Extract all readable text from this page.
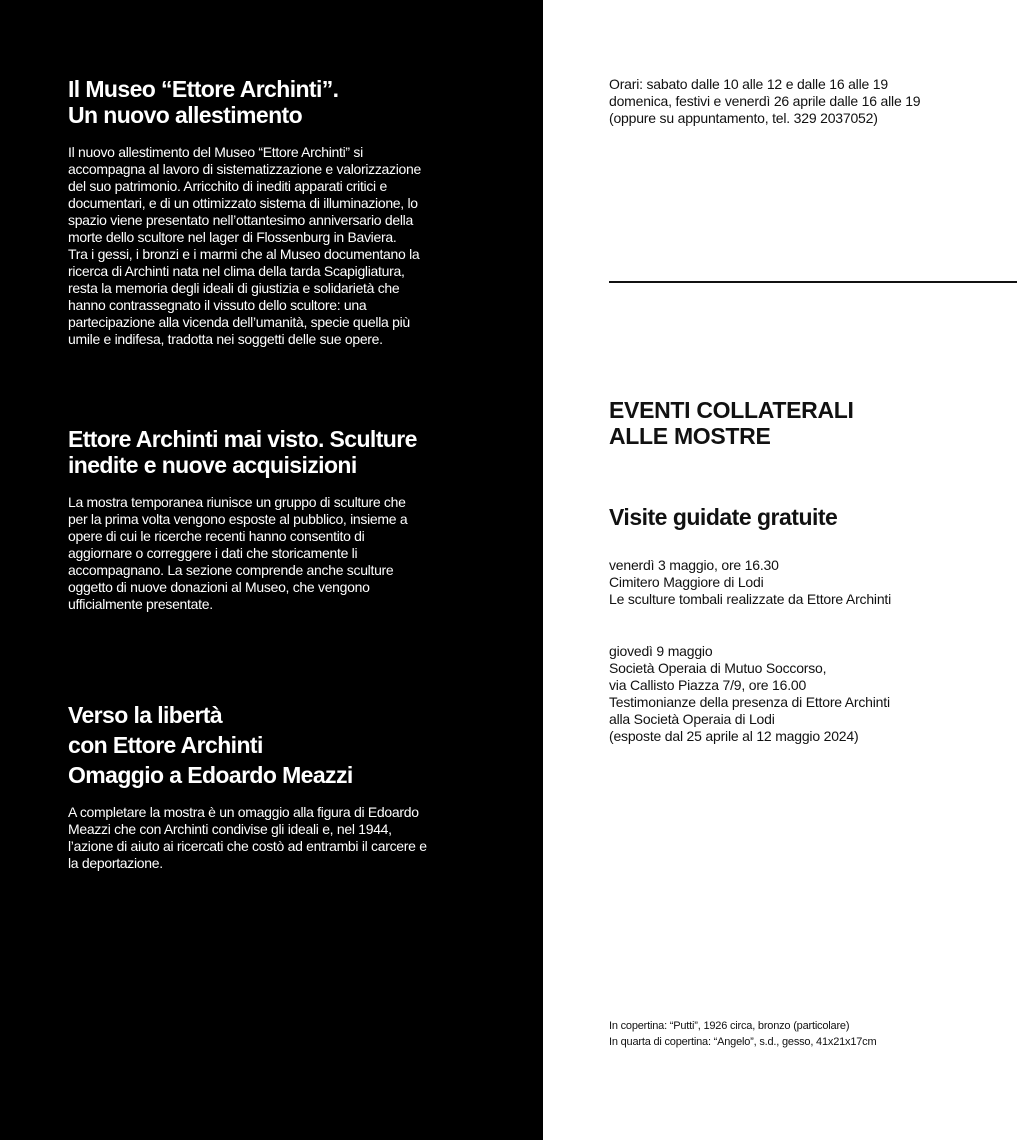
Il Museo “Ettore Archinti”.
Un nuovo allestimento
Il nuovo allestimento del Museo “Ettore Archinti” si
accompagna al lavoro di sistematizzazione e valorizzazione
del suo patrimonio. Arricchito di inediti apparati critici e
documentari, e di un ottimizzato sistema di illuminazione, lo
spazio viene presentato nell’ottantesimo anniversario della
morte dello scultore nel lager di Flossenburg in Baviera.
Tra i gessi, i bronzi e i marmi che al Museo documentano la
ricerca di Archinti nata nel clima della tarda Scapigliatura,
resta la memoria degli ideali di giustizia e solidarietà che
hanno contrassegnato il vissuto dello scultore: una
partecipazione alla vicenda dell’umanità, specie quella più
umile e indifesa, tradotta nei soggetti delle sue opere.
Ettore Archinti mai visto. Sculture
inedite e nuove acquisizioni
La mostra temporanea riunisce un gruppo di sculture che
per la prima volta vengono esposte al pubblico, insieme a
opere di cui le ricerche recenti hanno consentito di
aggiornare o correggere i dati che storicamente li
accompagnano. La sezione comprende anche sculture
oggetto di nuove donazioni al Museo, che vengono
ufficialmente presentate.
Verso la libertà
con Ettore Archinti
Omaggio a Edoardo Meazzi
A completare la mostra è un omaggio alla figura di Edoardo
Meazzi che con Archinti condivise gli ideali e, nel 1944,
l’azione di aiuto ai ricercati che costò ad entrambi il carcere e
la deportazione.
Orari: sabato dalle 10 alle 12 e dalle 16 alle 19
domenica, festivi e venerdì 26 aprile dalle 16 alle 19
(oppure su appuntamento, tel. 329 2037052)
EVENTI COLLATERALI
ALLE MOSTRE
Visite guidate gratuite
venerdì 3 maggio, ore 16.30
Cimitero Maggiore di Lodi
Le sculture tombali realizzate da Ettore Archinti
giovedì 9 maggio
Società Operaia di Mutuo Soccorso,
via Callisto Piazza 7/9, ore 16.00
Testimonianze della presenza di Ettore Archinti
alla Società Operaia di Lodi
(esposte dal 25 aprile al 12 maggio 2024)
In copertina: “Putti”, 1926 circa, bronzo (particolare)
In quarta di copertina: “Angelo”, s.d., gesso, 41x21x17cm
